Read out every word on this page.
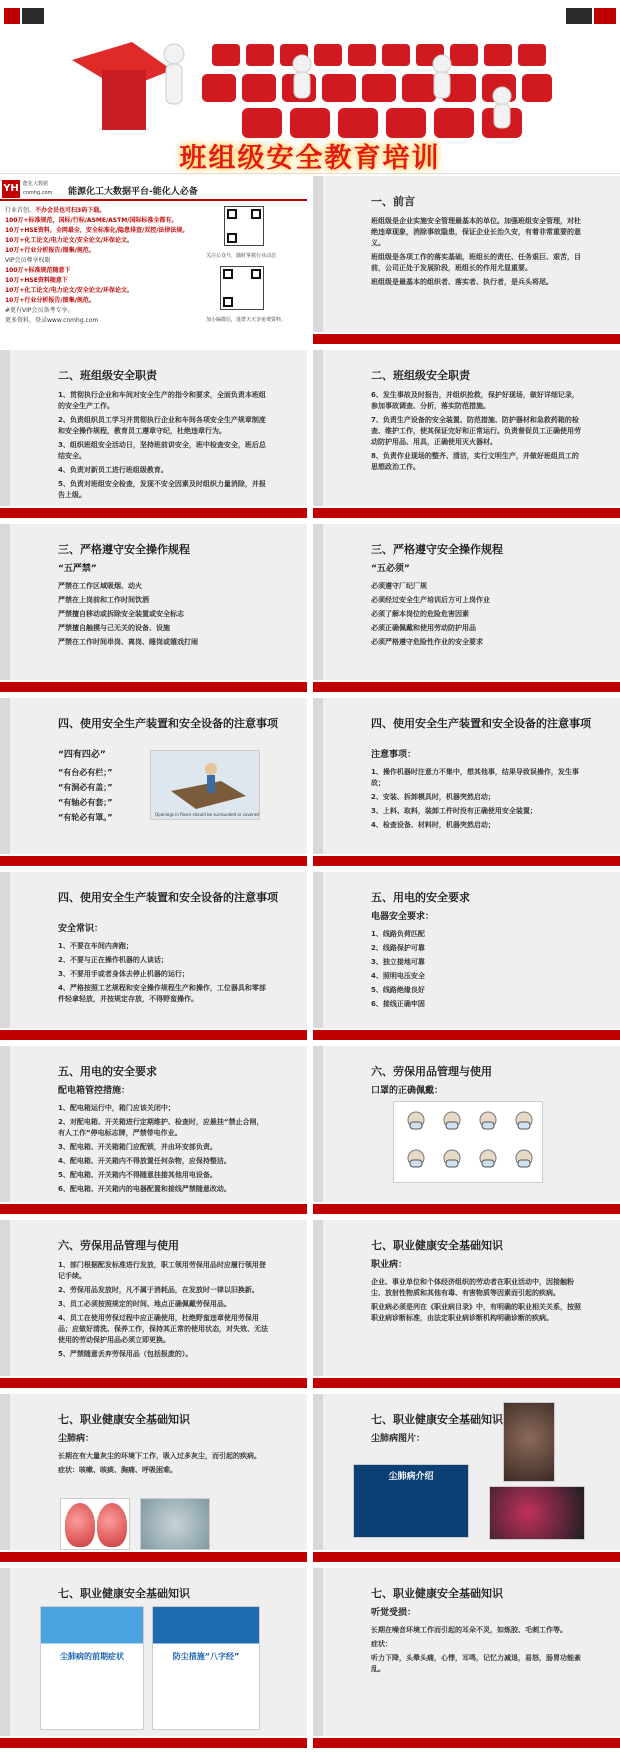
班组级安全教育培训
YH 能化大数据
cnmhg.com 能源化工大数据平台-能化人必备
行业首创，不办会员也可扫3码下载。
100万+标准规范，国标/行标/ASME/ASTM/国际标准全都有。
10万+HSE资料，全网最全，安全标准化/隐患排查/双控/法律法规。
10万+化工论文/电力论文/安全论文/环保论文。
10万+行业分析报告/图集/规范。
VIP会员尊享权限
100万+标准规范随意下
10万+HSE资料随意下
10万+化工论文/电力论文/安全论文/环保论文。
10万+行业分析报告/图集/规范。
#更有VIP会员备考专享。
更多资料，登录www.cnmhg.com
关注公众号，随时掌握行业动态
加小编微信，进群天天享免费资料。
一、前言

班组级是企业实施安全管理最基本的单位。加强班组安全管理，对杜绝违章现象，消除事故隐患，保证企业长治久安，有着非常重要的意义。

班组级是各项工作的落实基础，班组长的责任、任务艰巨、艰苦，目前，公司正处于发展阶段，班组长的作用尤显重要。

班组级是最基本的组织者、落实者、执行者，是兵头将尾。

二、班组级安全职责

1、贯彻执行企业和车间对安全生产的指令和要求，全面负责本班组的安全生产工作。

2、负责组织员工学习并贯彻执行企业和车间各项安全生产规章制度和安全操作规程，教育员工遵章守纪，杜绝违章行为。

3、组织班组安全活动日，坚持班前讲安全，班中检查安全，班后总结安全。

4、负责对新员工进行班组级教育。

5、负责对班组安全检查，发现不安全因素及时组织力量消除，并报告上级。

二、班组级安全职责

6、发生事故及时报告，并组织抢救，保护好现场，做好详细记录，参加事故调查、分析，落实防范措施。

7、负责生产设备的安全装置、防范措施、防护器材和急救药箱的检查、维护工作，使其保证完好和正常运行。负责督促员工正确使用劳动防护用品、用具，正确使用灭火器材。

8、负责作业现场的整齐、清洁，实行文明生产，并做好班组员工的思想政治工作。

三、严格遵守安全操作规程
“五严禁”

严禁在工作区域吸烟、动火

严禁在上岗前和工作时间饮酒

严禁擅自移动或拆除安全装置或安全标志

严禁擅自触摸与己无关的设备、设施

严禁在工作时间串岗、离岗、睡岗或嬉戏打闹

三、严格遵守安全操作规程
“五必须”

必须遵守厂纪厂规

必须经过安全生产培训后方可上岗作业

必须了解本岗位的危险危害因素

必须正确佩戴和使用劳动防护用品

必须严格遵守危险性作业的安全要求

四、使用安全生产装置和安全设备的注意事项
“四有四必”

“有台必有栏；”

“有洞必有盖；”

“有轴必有套；”

“有轮必有罩。”	Openings in floors should be surrounded or covered
四、使用安全生产装置和安全设备的注意事项
注意事项：

1、操作机器时注意力不集中，想其他事，结果导致误操作，发生事故；

2、安装、拆卸模具时，机器突然启动；

3、上料、取料，装卸工件时没有正确使用安全装置；

4、检查设备、材料时，机器突然启动；

四、使用安全生产装置和安全设备的注意事项
安全常识：

1、不要在车间内奔跑；

2、不要与正在操作机器的人谈话；

3、不要用手或者身体去停止机器的运行；

4、严格按照工艺规程和安全操作规程生产和操作，工位器具和零部件轻拿轻放，并按规定存放，不得野蛮操作。

五、用电的安全要求
电器安全要求：

1、线路负荷匹配

2、线路保护可靠

3、独立接地可靠

4、照明电压安全

5、线路绝缘良好

6、接线正确牢固

五、用电的安全要求
配电箱管控措施：

1、配电箱运行中，箱门应该关闭中；

2、对配电箱、开关箱进行定期维护、检查时，应悬挂“禁止合闸，有人工作”停电标志牌，严禁带电作业。

3、配电箱、开关箱箱门应配锁，并由环安部负责。

4、配电箱、开关箱内不得放置任何杂物，应保持整洁。

5、配电箱、开关箱内不得随意挂接其他用电设备。

6、配电箱、开关箱内的电器配置和接线严禁随意改动。

六、劳保用品管理与使用
口罩的正确佩戴：
六、劳保用品管理与使用

1、部门根据配发标准进行发放，职工领用劳保用品时应履行领用登记手续。

2、劳保用品发放时，凡不属于消耗品，在发放时一律以旧换新。

3、员工必须按照规定的时间、地点正确佩戴劳保用品。

4、员工在使用劳保过程中应正确使用，杜绝野蛮违章使用劳保用品；应做好清洗、保养工作，保持其正常的使用状态，对失效、无法使用的劳动保护用品必须立即更换。

5、严禁随意丢弃劳保用品（包括报废的）。

七、职业健康安全基础知识
职业病：

企业、事业单位和个体经济组织的劳动者在职业活动中，因接触粉尘、放射性物质和其他有毒、有害物质等因素而引起的疾病。

职业病必须是列在《职业病目录》中，有明确的职业相关关系，按照职业病诊断标准，由法定职业病诊断机构明确诊断的疾病。

七、职业健康安全基础知识
尘肺病：

长期在有大量灰尘的环境下工作，吸入过多灰尘，而引起的疾病。

症状：咳嗽、咳痰、胸痛、呼吸困难。

七、职业健康安全基础知识
尘肺病图片：
尘肺病介绍
七、职业健康安全基础知识
尘肺病的前期症状	防尘措施“八字经”
七、职业健康安全基础知识
听觉受损：

长期在噪音环境工作而引起的耳朵不灵，如炼胶、毛刺工作等。

症状：

听力下降，头晕头痛，心悸，耳鸣，记忆力减退，易怒，肠胃功能紊乱。
